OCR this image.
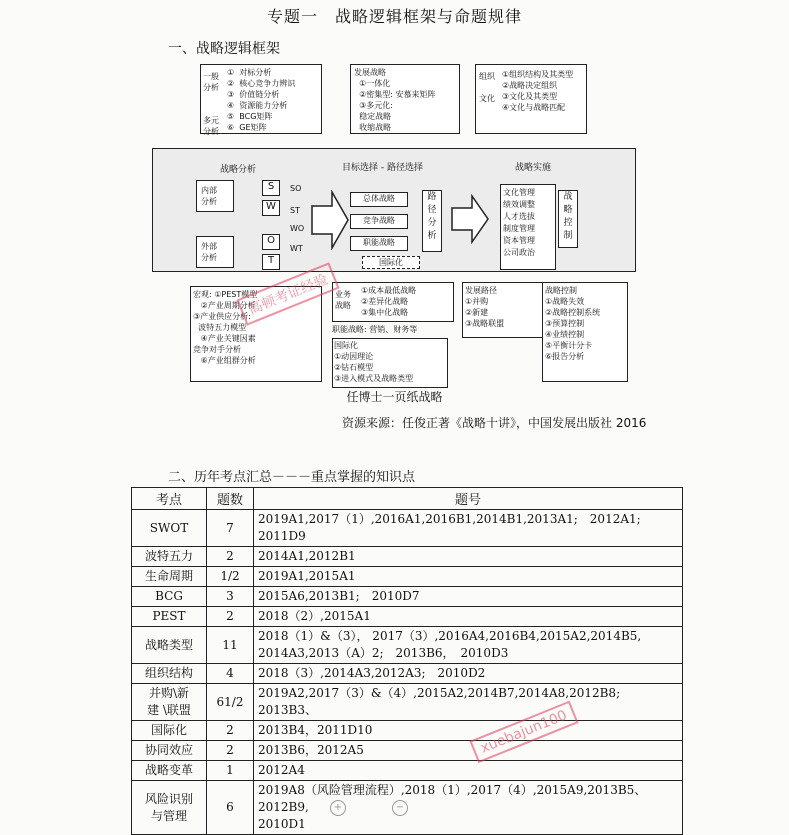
专题一　战略逻辑框架与命题规律
一、战略逻辑框架

一般
分析

多元
分析

①  对标分析
②  核心竞争力辨识
③  价值链分析
④  资源能力分析
⑤  BCG矩阵
⑥  GE矩阵

发展战略
①一体化
②密集型: 安慕来矩阵
③多元化:
稳定战略
收缩战略

组织

文化

①组织结构及其类型
②战略决定组织
③文化及其类型
④文化与战略匹配

战略分析	目标选择 - 路径选择	战略实施

内部
分析

外部
分析

S
W
O
T
SO
ST
WO
WT
总体战略
竞争战略
职能战略
国际化
路
径
分
析
文化管理
绩效调整
人才选拔
制度管理
资本管理
公司政治
战
略
控
制
宏观: ①PEST模型
②产业周期分析
③产业供应分析:
波特五力模型
④产业关键因素
竞争对手分析
⑥产业组群分析

业务
战略

①成本最低战略
②差异化战略
③集中化战略

职能战略: 营销、财务等
国际化
①动因理论
②钻石模型
③进入模式及战略类型
发展路径
①并购
②新建
③战略联盟
战略控制
①战略失效
②战略控制系统
③预算控制
④业绩控制
⑤平衡计分卡
⑥报告分析
任博士一页纸战略
资源来源：任俊正著《战略十讲》，中国发展出版社 2016
二、历年考点汇总－－－重点掌握的知识点
考点	题数	题号
SWOT	7	2019A1,2017（1）,2016A1,2016B1,2014B1,2013A1;　2012A1;　2011D9
波特五力	2	2014A1,2012B1
生命周期	1/2	2019A1,2015A1
BCG	3	2015A6,2013B1;　2010D7
PEST	2	2018（2）,2015A1
战略类型	11	2018（1）&（3）， 2017（3）,2016A4,2016B4,2015A2,2014B5,
2014A3,2013（A）2;　2013B6，　2010D3
组织结构	4	2018（3）,2014A3,2012A3;　2010D2
并购\新
建 \联盟	61/2	2019A2,2017（3）&（4）,2015A2,2014B7,2014A8,2012B8;　2013B3、
国际化	2	2013B4，2011D10
协同效应	2	2013B6，2012A5
战略变革	1	2012A4
风险识别
与管理	6	2019A8（风险管理流程）,2018（1）,2017（4）,2015A9,2013B5、2012B9,
2010D1
高顿考证经验
xuebajun100
+	−
